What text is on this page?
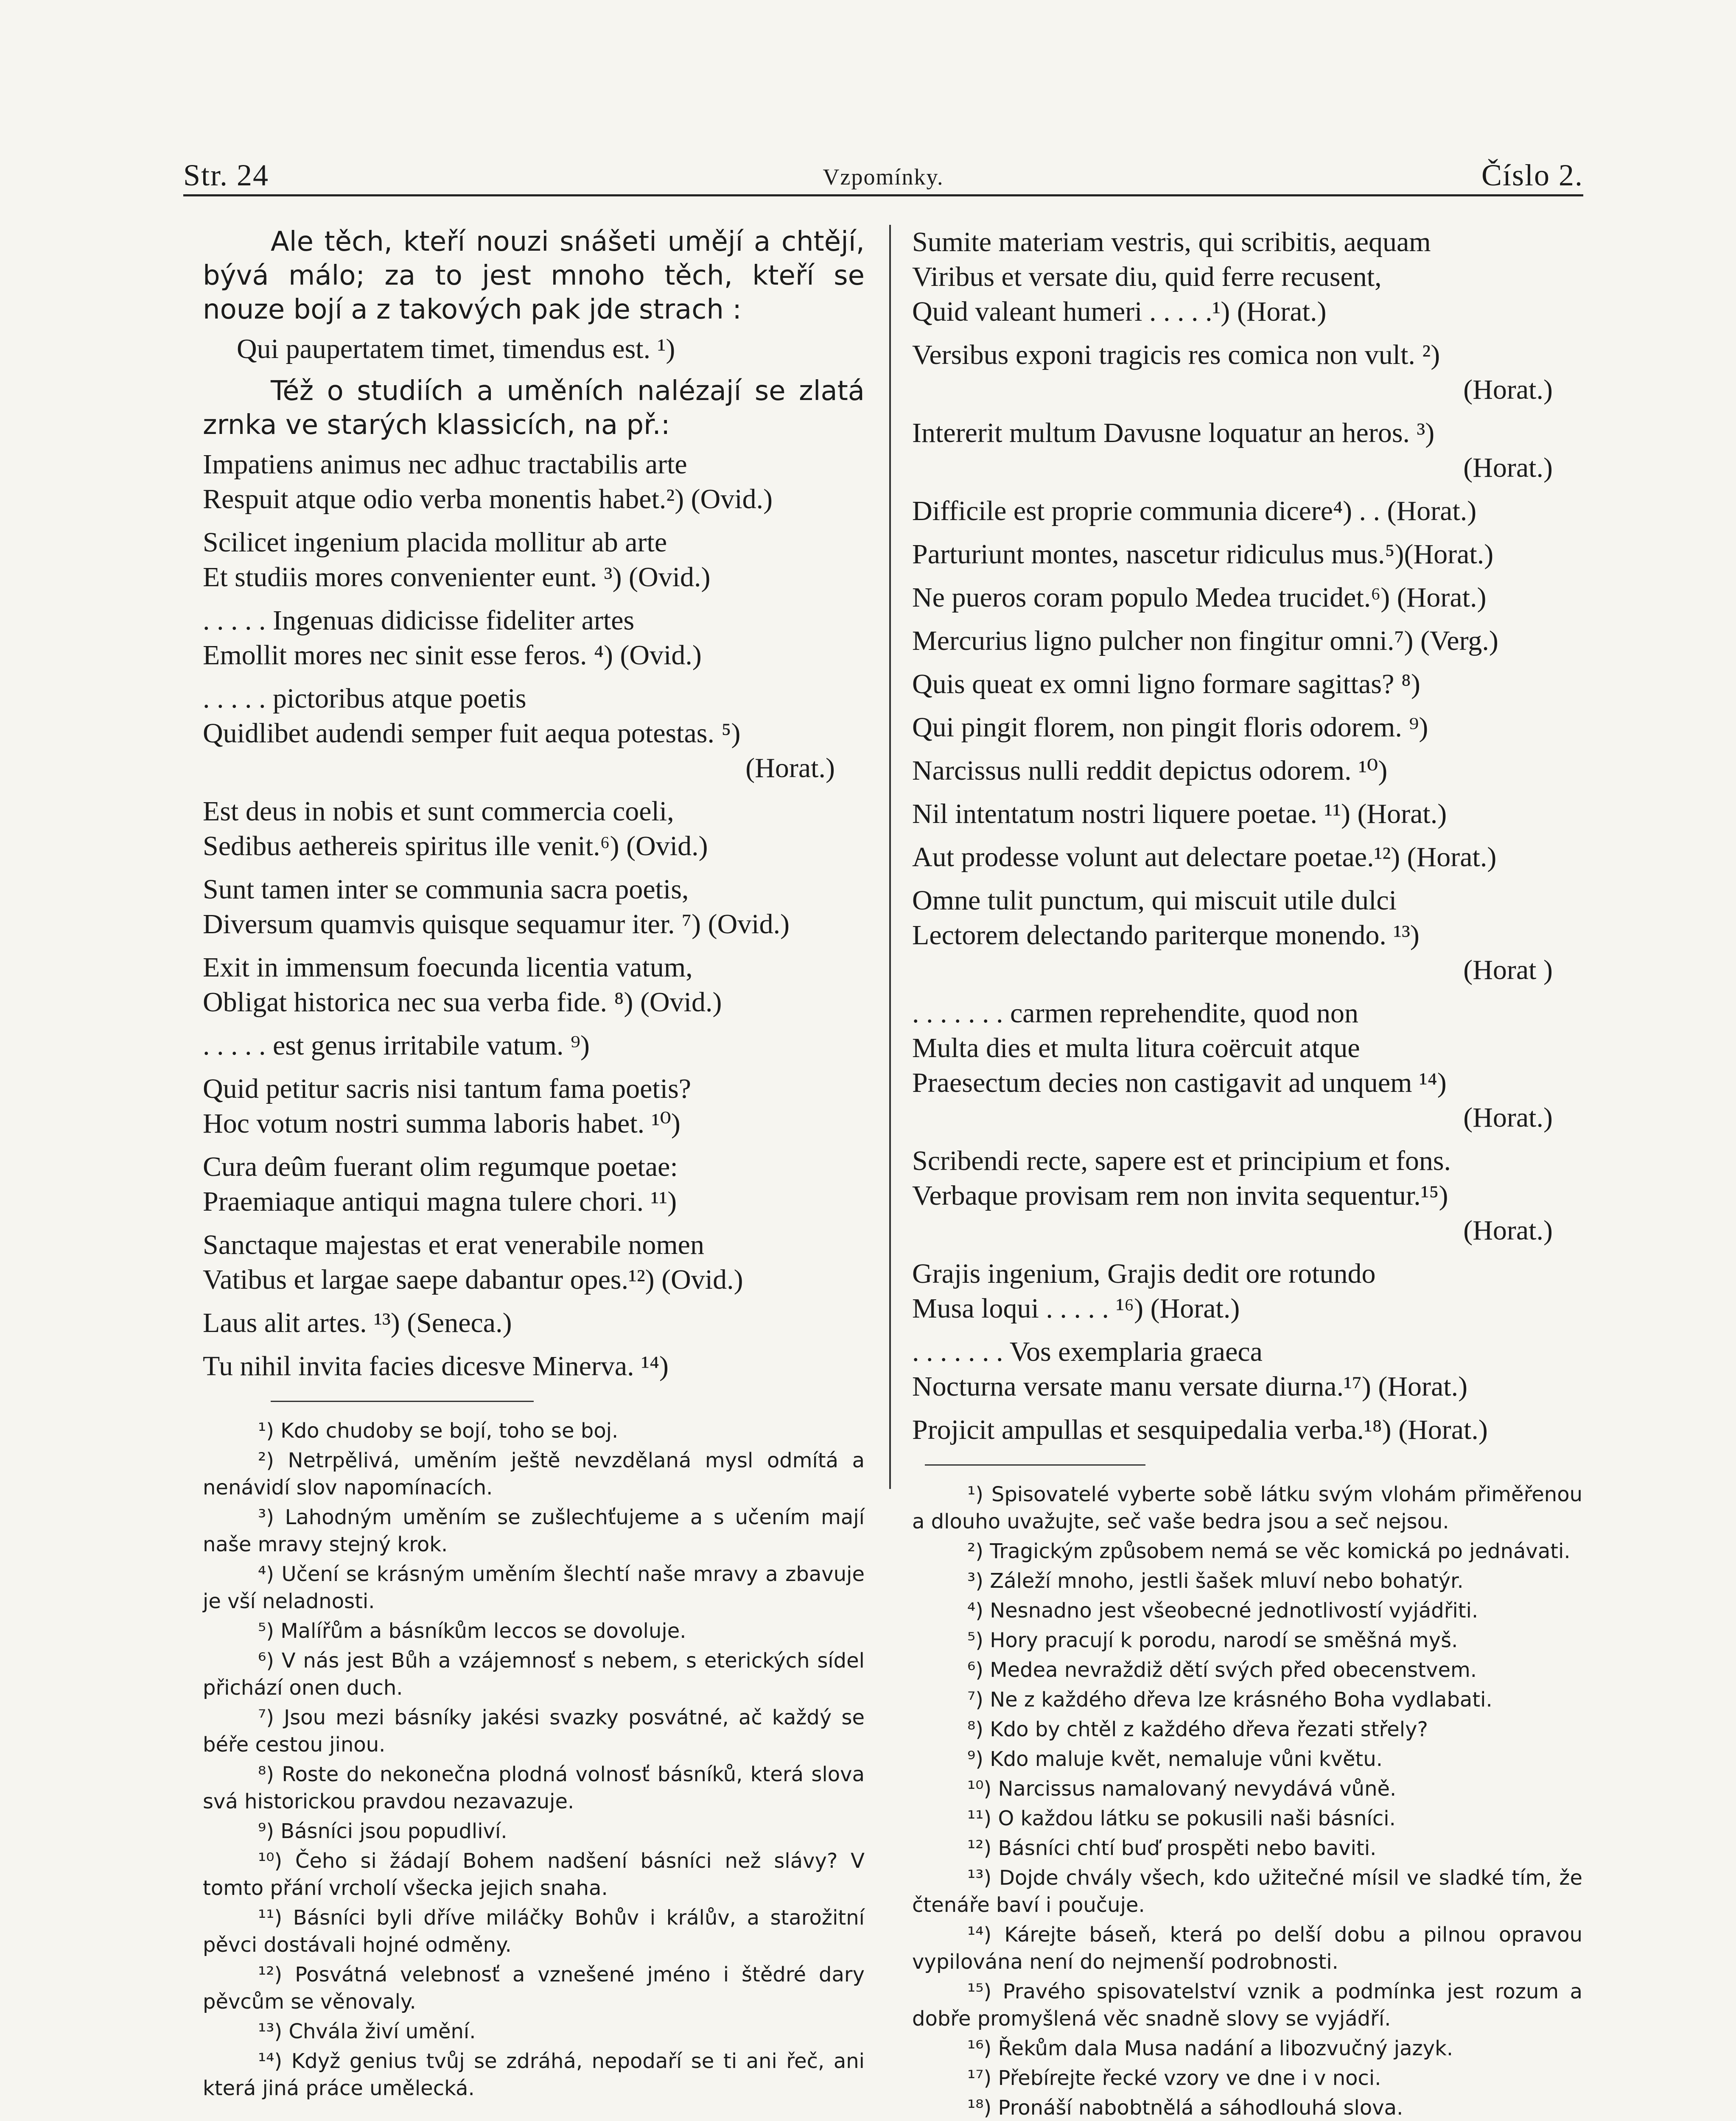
Str. 24	Vzpomínky.	Číslo 2.

Ale těch, kteří nouzi snášeti umějí a chtějí, bývá málo; za to jest mnoho těch, kteří se nouze bojí a z takových pak jde strach :

Qui paupertatem timet, timendus est. ¹)

Též o studiích a uměních nalézají se zlatá zrnka ve starých klassicích, na př.:

Impatiens animus nec adhuc tractabilis arte
Respuit atque odio verba monentis habet.²) (Ovid.)
Scilicet ingenium placida mollitur ab arte
Et studiis mores convenienter eunt. ³) (Ovid.)
. . . . . Ingenuas didicisse fideliter artes
Emollit mores nec sinit esse feros. ⁴) (Ovid.)
. . . . . pictoribus atque poetis
Quidlibet audendi semper fuit aequa potestas. ⁵)
(Horat.)
Est deus in nobis et sunt commercia coeli,
Sedibus aethereis spiritus ille venit.⁶) (Ovid.)
Sunt tamen inter se communia sacra poetis,
Diversum quamvis quisque sequamur iter. ⁷) (Ovid.)
Exit in immensum foecunda licentia vatum,
Obligat historica nec sua verba fide. ⁸) (Ovid.)
. . . . . est genus irritabile vatum. ⁹)
Quid petitur sacris nisi tantum fama poetis?
Hoc votum nostri summa laboris habet. ¹⁰)
Cura deûm fuerant olim regumque poetae:
Praemiaque antiqui magna tulere chori. ¹¹)
Sanctaque majestas et erat venerabile nomen
Vatibus et largae saepe dabantur opes.¹²) (Ovid.)
Laus alit artes. ¹³) (Seneca.)
Tu nihil invita facies dicesve Minerva. ¹⁴)

¹) Kdo chudoby se bojí, toho se boj.

²) Netrpělivá, uměním ještě nevzdělaná mysl odmítá a nenávidí slov napomínacích.

³) Lahodným uměním se zušlechťujeme a s učením mají naše mravy stejný krok.

⁴) Učení se krásným uměním šlechtí naše mravy a zbavuje je vší neladnosti.

⁵) Malířům a básníkům leccos se dovoluje.

⁶) V nás jest Bůh a vzájemnosť s nebem, s eterických sídel přichází onen duch.

⁷) Jsou mezi básníky jakési svazky posvátné, ač každý se béře cestou jinou.

⁸) Roste do nekonečna plodná volnosť básníků, která slova svá historickou pravdou nezavazuje.

⁹) Básníci jsou popudliví.

¹⁰) Čeho si žádají Bohem nadšení básníci než slávy? V tomto přání vrcholí všecka jejich snaha.

¹¹) Básníci byli dříve miláčky Bohův i králův, a starožitní pěvci dostávali hojné odměny.

¹²) Posvátná velebnosť a vznešené jméno i štědré dary pěvcům se věnovaly.

¹³) Chvála živí umění.

¹⁴) Když genius tvůj se zdráhá, nepodaří se ti ani řeč, ani která jiná práce umělecká.

Sumite materiam vestris, qui scribitis, aequam
Viribus et versate diu, quid ferre recusent,
Quid valeant humeri . . . . .¹) (Horat.)
Versibus exponi tragicis res comica non vult. ²)
(Horat.)
Intererit multum Davusne loquatur an heros. ³)
(Horat.)
Difficile est proprie communia dicere⁴) . . (Horat.)
Parturiunt montes, nascetur ridiculus mus.⁵)(Horat.)
Ne pueros coram populo Medea trucidet.⁶) (Horat.)
Mercurius ligno pulcher non fingitur omni.⁷) (Verg.)
Quis queat ex omni ligno formare sagittas? ⁸)
Qui pingit florem, non pingit floris odorem. ⁹)
Narcissus nulli reddit depictus odorem. ¹⁰)
Nil intentatum nostri liquere poetae. ¹¹) (Horat.)
Aut prodesse volunt aut delectare poetae.¹²) (Horat.)
Omne tulit punctum, qui miscuit utile dulci
Lectorem delectando pariterque monendo. ¹³)
(Horat )
. . . . . . . carmen reprehendite, quod non
Multa dies et multa litura coërcuit atque
Praesectum decies non castigavit ad unquem ¹⁴)
(Horat.)
Scribendi recte, sapere est et principium et fons.
Verbaque provisam rem non invita sequentur.¹⁵)
(Horat.)
Grajis ingenium, Grajis dedit ore rotundo
Musa loqui . . . . . ¹⁶) (Horat.)
. . . . . . . Vos exemplaria graeca
Nocturna versate manu versate diurna.¹⁷) (Horat.)
Projicit ampullas et sesquipedalia verba.¹⁸) (Horat.)

¹) Spisovatelé vyberte sobě látku svým vlohám přiměřenou a dlouho uvažujte, seč vaše bedra jsou a seč nejsou.

²) Tragickým způsobem nemá se věc komická po jednávati.

³) Záleží mnoho, jestli šašek mluví nebo bohatýr.

⁴) Nesnadno jest všeobecné jednotlivostí vyjádřiti.

⁵) Hory pracují k porodu, narodí se směšná myš.

⁶) Medea nevraždiž dětí svých před obecenstvem.

⁷) Ne z každého dřeva lze krásného Boha vydlabati.

⁸) Kdo by chtěl z každého dřeva řezati střely?

⁹) Kdo maluje květ, nemaluje vůni květu.

¹⁰) Narcissus namalovaný nevydává vůně.

¹¹) O každou látku se pokusili naši básníci.

¹²) Básníci chtí buď prospěti nebo baviti.

¹³) Dojde chvály všech, kdo užitečné mísil ve sladké tím, že čtenáře baví i poučuje.

¹⁴) Kárejte báseň, která po delší dobu a pilnou opravou vypilována není do nejmenší podrobnosti.

¹⁵) Pravého spisovatelství vznik a podmínka jest rozum a dobře promyšlená věc snadně slovy se vyjádří.

¹⁶) Řekům dala Musa nadání a libozvučný jazyk.

¹⁷) Přebírejte řecké vzory ve dne i v noci.

¹⁸) Pronáší nabobtnělá a sáhodlouhá slova.
